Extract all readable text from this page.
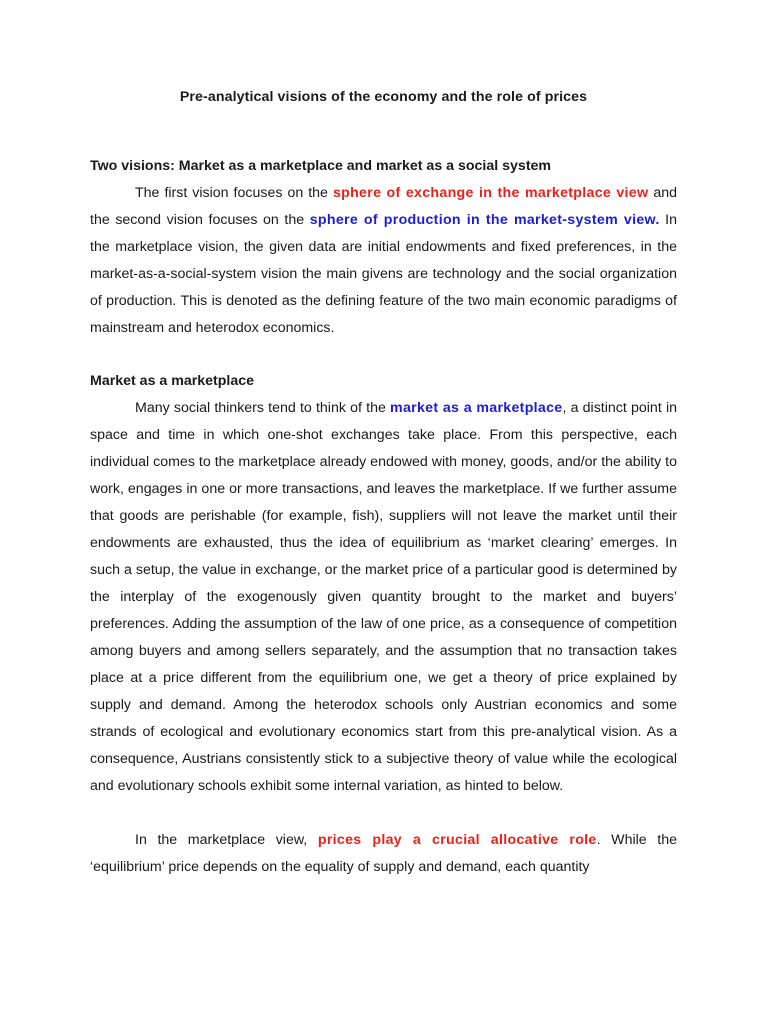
Pre-analytical visions of the economy and the role of prices

Two visions: Market as a marketplace and market as a social system

The first vision focuses on the sphere of exchange in the marketplace view and the second vision focuses on the sphere of production in the market-system view. In the marketplace vision, the given data are initial endowments and fixed preferences, in the market-as-a-social-system vision the main givens are technology and the social organization of production. This is denoted as the defining feature of the two main economic paradigms of mainstream and heterodox economics.

Market as a marketplace

Many social thinkers tend to think of the market as a marketplace, a distinct point in space and time in which one-shot exchanges take place. From this perspective, each individual comes to the marketplace already endowed with money, goods, and/or the ability to work, engages in one or more transactions, and leaves the marketplace. If we further assume that goods are perishable (for example, fish), suppliers will not leave the market until their endowments are exhausted, thus the idea of equilibrium as ‘market clearing’ emerges. In such a setup, the value in exchange, or the market price of a particular good is determined by the interplay of the exogenously given quantity brought to the market and buyers’ preferences. Adding the assumption of the law of one price, as a consequence of competition among buyers and among sellers separately, and the assumption that no transaction takes place at a price different from the equilibrium one, we get a theory of price explained by supply and demand. Among the heterodox schools only Austrian economics and some strands of ecological and evolutionary economics start from this pre-analytical vision. As a consequence, Austrians consistently stick to a subjective theory of value while the ecological and evolutionary schools exhibit some internal variation, as hinted to below.

In the marketplace view, prices play a crucial allocative role. While the ‘equilibrium’ price depends on the equality of supply and demand, each quantity
